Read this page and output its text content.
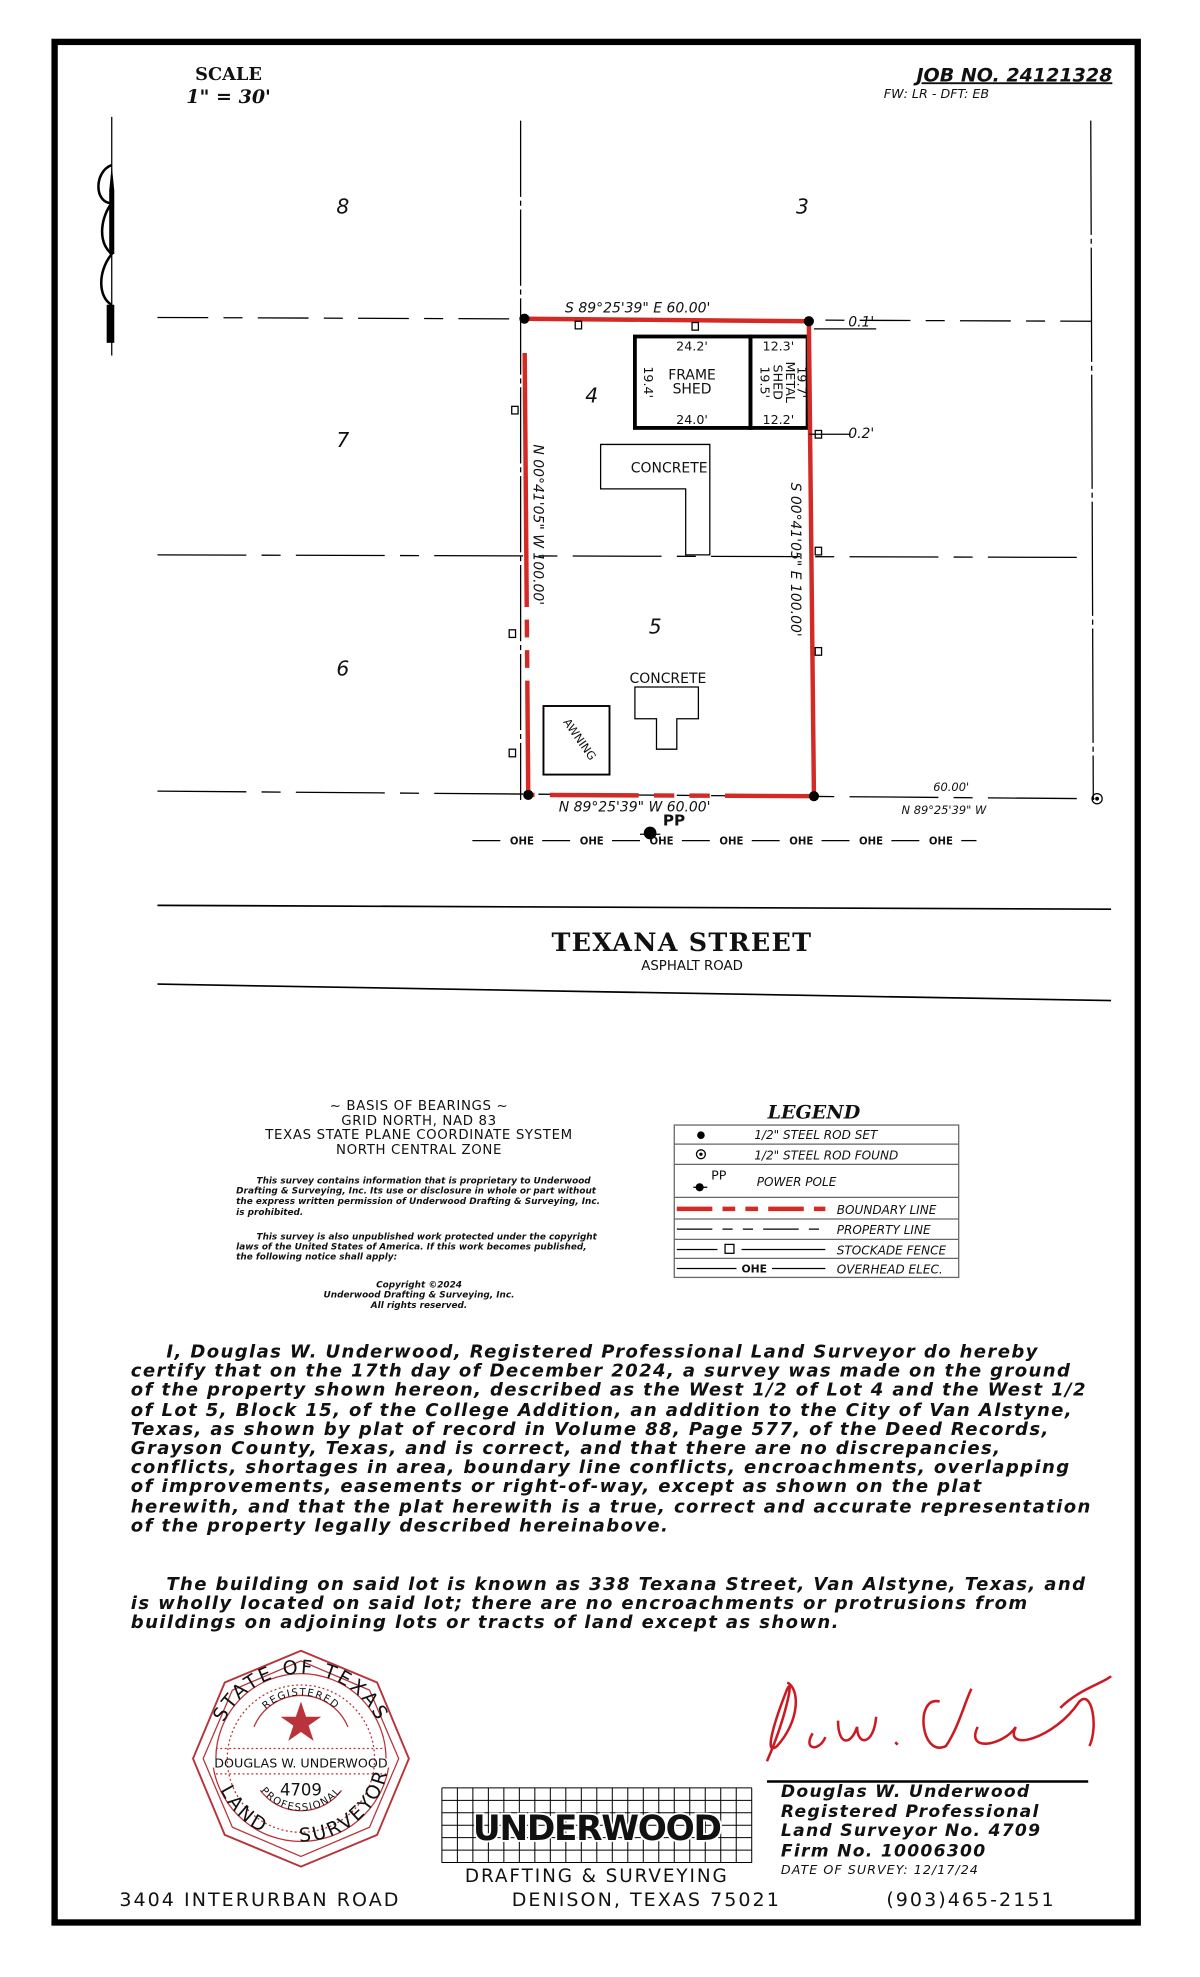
SCALE
1" = 30'
JOB NO. 24121328
FW: LR - DFT: EB
8	3
7
4
6
5
FRAME
SHED
24.2'
24.0'
19.4'
12.3'
12.2'
METAL
SHED 19.7'
19.5'
CONCRETE
CONCRETE
AWNING
S 89°25'39" E 60.00'
N 89°25'39" W 60.00'
N 00°41'05" W 100.00'	S 00°41'05" E 100.00'
0.1'
0.2'
60.00'
N 89°25'39" W
PP
OHE	OHE	OHE	OHE	OHE	OHE	OHE
TEXANA STREET
ASPHALT ROAD
LEGEND
PP
OHE
1/2" STEEL ROD SET
1/2" STEEL ROD FOUND
POWER POLE
BOUNDARY LINE
PROPERTY LINE
STOCKADE FENCE
OVERHEAD ELEC.
STATE OF TEXAS
REGISTERED
PROFESSIONAL
LAND SURVEYOR
DOUGLAS W. UNDERWOOD
4709
UNDERWOOD
DRAFTING & SURVEYING
~ BASIS OF BEARINGS ~
GRID NORTH, NAD 83
TEXAS STATE PLANE COORDINATE SYSTEM
NORTH CENTRAL ZONE

This survey contains information that is proprietary to Underwood Drafting & Surveying, Inc. Its use or disclosure in whole or part without the express written permission of Underwood Drafting & Surveying, Inc. is prohibited.

This survey is also unpublished work protected under the copyright laws of the United States of America. If this work becomes published, the following notice shall apply:

Copyright ©2024
Underwood Drafting & Surveying, Inc.
All rights reserved.

I, Douglas W. Underwood, Registered Professional Land Surveyor do hereby certify that on the 17th day of December 2024, a survey was made on the ground of the property shown hereon, described as the West 1/2 of Lot 4 and the West 1/2 of Lot 5, Block 15, of the College Addition, an addition to the City of Van Alstyne, Texas, as shown by plat of record in Volume 88, Page 577, of the Deed Records, Grayson County, Texas, and is correct, and that there are no discrepancies, conflicts, shortages in area, boundary line conflicts, encroachments, overlapping of improvements, easements or right-of-way, except as shown on the plat herewith, and that the plat herewith is a true, correct and accurate representation of the property legally described hereinabove.

The building on said lot is known as 338 Texana Street, Van Alstyne, Texas, and is wholly located on said lot; there are no encroachments or protrusions from buildings on adjoining lots or tracts of land except as shown.

Douglas W. Underwood
Registered Professional
Land Surveyor No. 4709
Firm No. 10006300
DATE OF SURVEY: 12/17/24
3404 INTERURBAN ROAD	DENISON, TEXAS 75021	(903)465-2151
